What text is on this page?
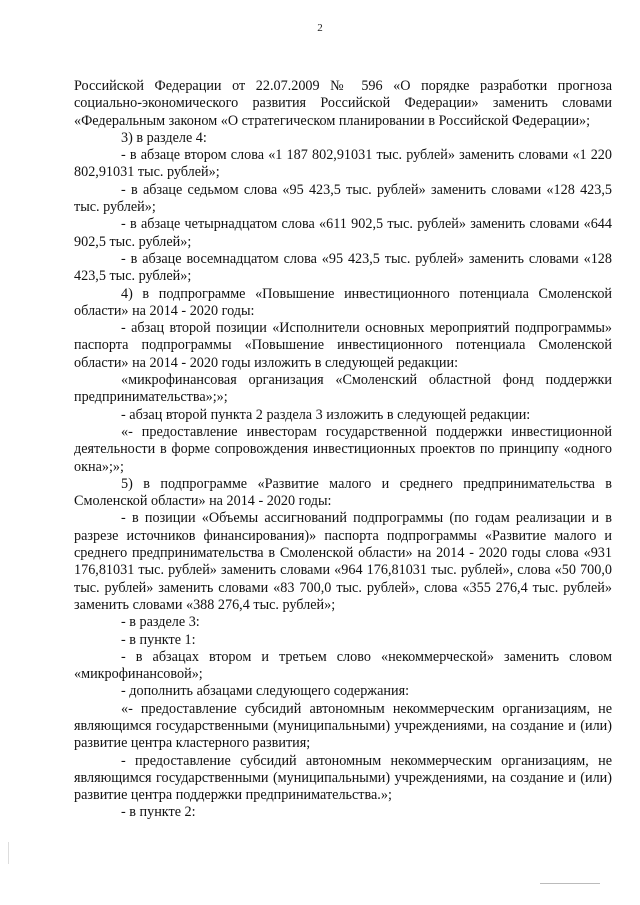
2

Российской Федерации от 22.07.2009 № 596 «О порядке разработки прогноза социально-экономического развития Российской Федерации» заменить словами «Федеральным законом «О стратегическом планировании в Российской Федерации»;

3) в разделе 4:

- в абзаце втором слова «1 187 802,91031 тыс. рублей» заменить словами «1 220 802,91031 тыс. рублей»;

- в абзаце седьмом слова «95 423,5 тыс. рублей» заменить словами «128 423,5 тыс. рублей»;

- в абзаце четырнадцатом слова «611 902,5 тыс. рублей» заменить словами «644 902,5 тыс. рублей»;

- в абзаце восемнадцатом слова «95 423,5 тыс. рублей» заменить словами «128 423,5 тыс. рублей»;

4) в подпрограмме «Повышение инвестиционного потенциала Смоленской области» на 2014 - 2020 годы:

- абзац второй позиции «Исполнители основных мероприятий подпрограммы» паспорта подпрограммы «Повышение инвестиционного потенциала Смоленской области» на 2014 - 2020 годы изложить в следующей редакции:

«микрофинансовая организация «Смоленский областной фонд поддержки предпринимательства»;»;

- абзац второй пункта 2 раздела 3 изложить в следующей редакции:

«- предоставление инвесторам государственной поддержки инвестиционной деятельности в форме сопровождения инвестиционных проектов по принципу «одного окна»;»;

5) в подпрограмме «Развитие малого и среднего предпринимательства в Смоленской области» на 2014 - 2020 годы:

- в позиции «Объемы ассигнований подпрограммы (по годам реализации и в разрезе источников финансирования)» паспорта подпрограммы «Развитие малого и среднего предпринимательства в Смоленской области» на 2014 - 2020 годы слова «931 176,81031 тыс. рублей» заменить словами «964 176,81031 тыс. рублей», слова «50 700,0 тыс. рублей» заменить словами «83 700,0 тыс. рублей», слова «355 276,4 тыс. рублей» заменить словами «388 276,4 тыс. рублей»;

- в разделе 3:

- в пункте 1:

- в абзацах втором и третьем слово «некоммерческой» заменить словом «микрофинансовой»;

- дополнить абзацами следующего содержания:

«- предоставление субсидий автономным некоммерческим организациям, не являющимся государственными (муниципальными) учреждениями, на создание и (или) развитие центра кластерного развития;

- предоставление субсидий автономным некоммерческим организациям, не являющимся государственными (муниципальными) учреждениями, на создание и (или) развитие центра поддержки предпринимательства.»;

- в пункте 2:
